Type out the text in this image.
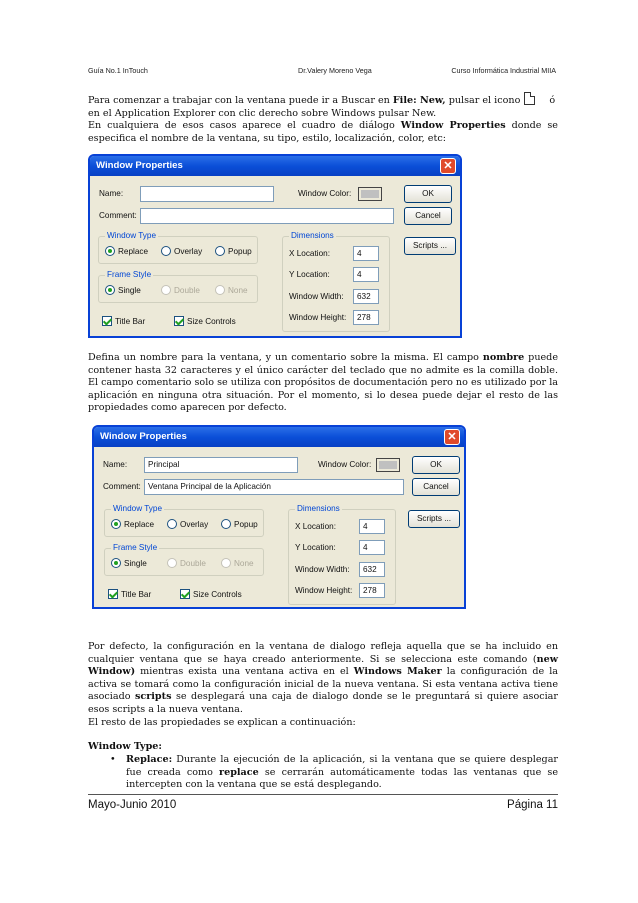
Guía No.1 InTouch	Dr.Valery Moreno Vega	Curso Informática Industrial MIIA
Para comenzar a trabajar con la ventana puede ir a Buscar en File: New, pulsar el icono	ó
en el Application Explorer con clic derecho sobre Windows pulsar New.
En cualquiera de esos casos aparece el cuadro de diálogo Window Properties donde se especifica el nombre de la ventana, su tipo, estilo, localización, color, etc:
Window Properties	✕
Name:	Window Color:	OK
Comment:	Cancel
Scripts ...
Window Type
Replace	Overlay	Popup
Frame Style
Single	Double	None
Title Bar	Size Controls
Dimensions
X Location:	4
Y Location:	4
Window Width:	632
Window Height:	278
Defina un nombre para la ventana, y un comentario sobre la misma. El campo nombre puede contener hasta 32 caracteres y el único carácter del teclado que no admite es la comilla doble. El campo comentario solo se utiliza con propósitos de documentación pero no es utilizado por la aplicación en ninguna otra situación. Por el momento, si lo desea puede dejar el resto de las propiedades como aparecen por defecto.
Window Properties	✕
Name:	Principal	Window Color:	OK
Comment: Ventana Principal de la Aplicación	Cancel
Scripts ...
Window Type
Replace	Overlay	Popup
Frame Style
Single	Double	None
Title Bar	Size Controls
Dimensions
X Location:	4
Y Location:	4
Window Width:	632
Window Height:	278
Por defecto, la configuración en la ventana de dialogo refleja aquella que se ha incluido en cualquier ventana que se haya creado anteriormente. Si se selecciona este comando (new Window) mientras exista una ventana activa en el Windows Maker la configuración de la activa se tomará como la configuración inicial de la nueva ventana. Si esta ventana activa tiene asociado scripts se desplegará una caja de dialogo donde se le preguntará si quiere asociar esos scripts a la nueva ventana.
El resto de las propiedades se explican a continuación:
Window Type:
• Replace: Durante la ejecución de la aplicación, si la ventana que se quiere desplegar fue creada como replace se cerrarán automáticamente todas las ventanas que se intercepten con la ventana que se está desplegando.
Mayo-Junio 2010	Página 11
